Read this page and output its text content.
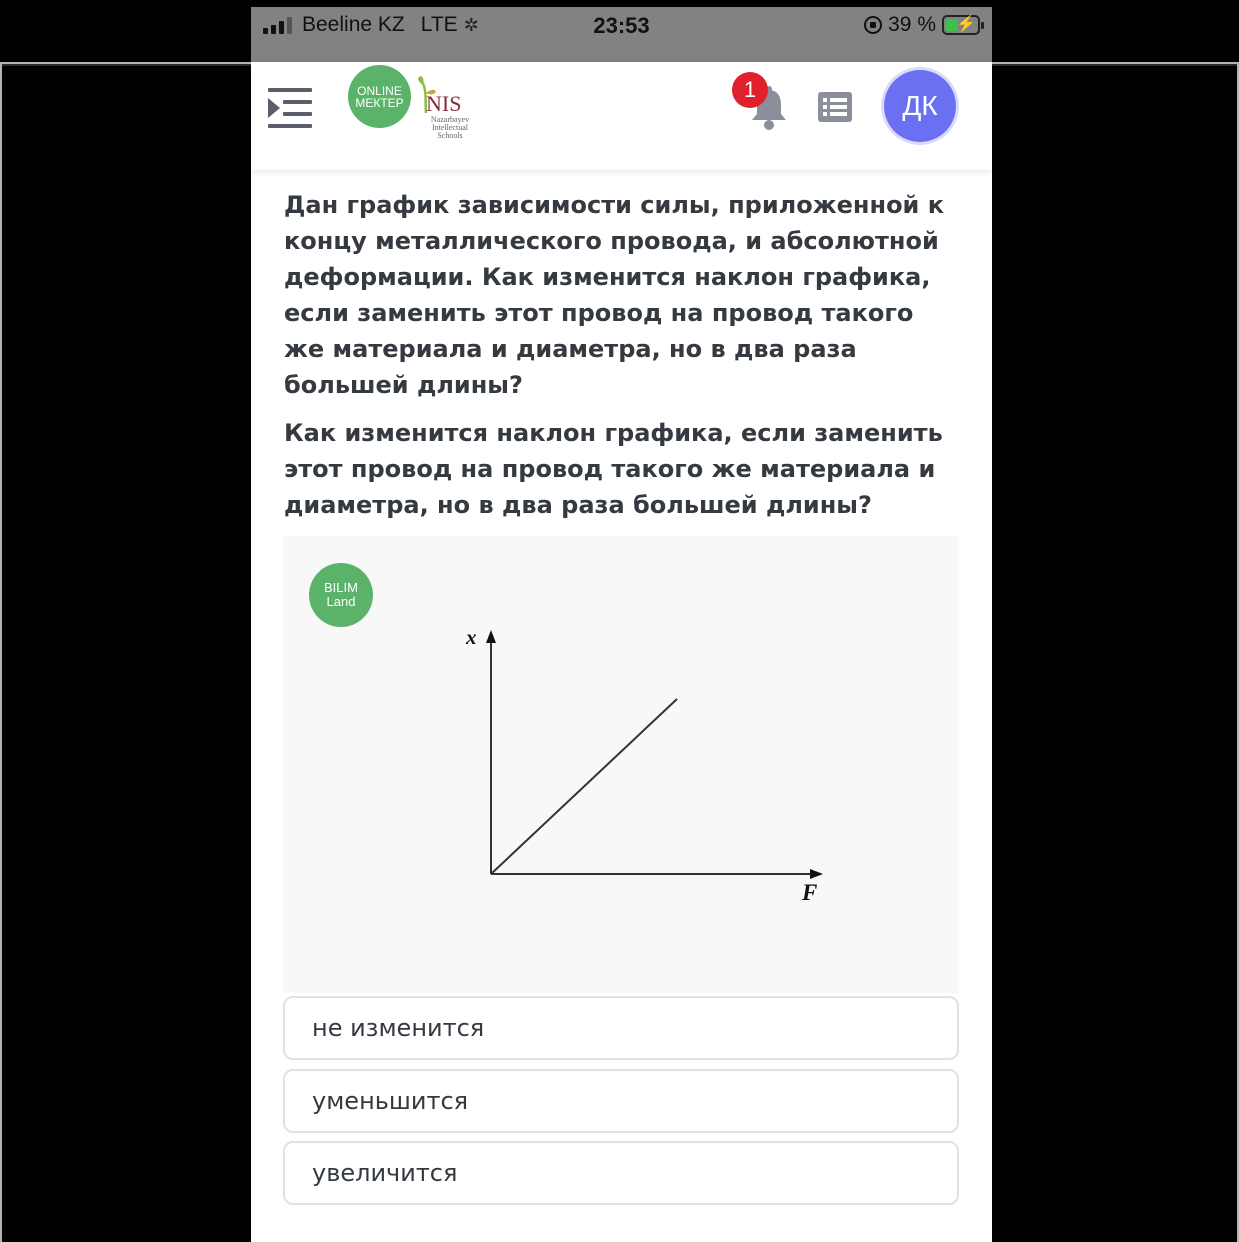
Beeline KZ LTE ✲	23:53	39 % ⚡
ONLINE
МЕКТЕР	NIS
Nazarbayev
Intellectual
Schools
1
ДК

Дан график зависимости силы, приложенной к концу металлического провода, и абсолютной деформации. Как изменится наклон графика, если заменить этот провод на провод такого же материала и диаметра, но в два раза большей длины?

Как изменится наклон графика, если заменить этот провод на провод такого же материала и диаметра, но в два раза большей длины?

BILIM
Land
x
F
не изменится
уменьшится
увеличится
